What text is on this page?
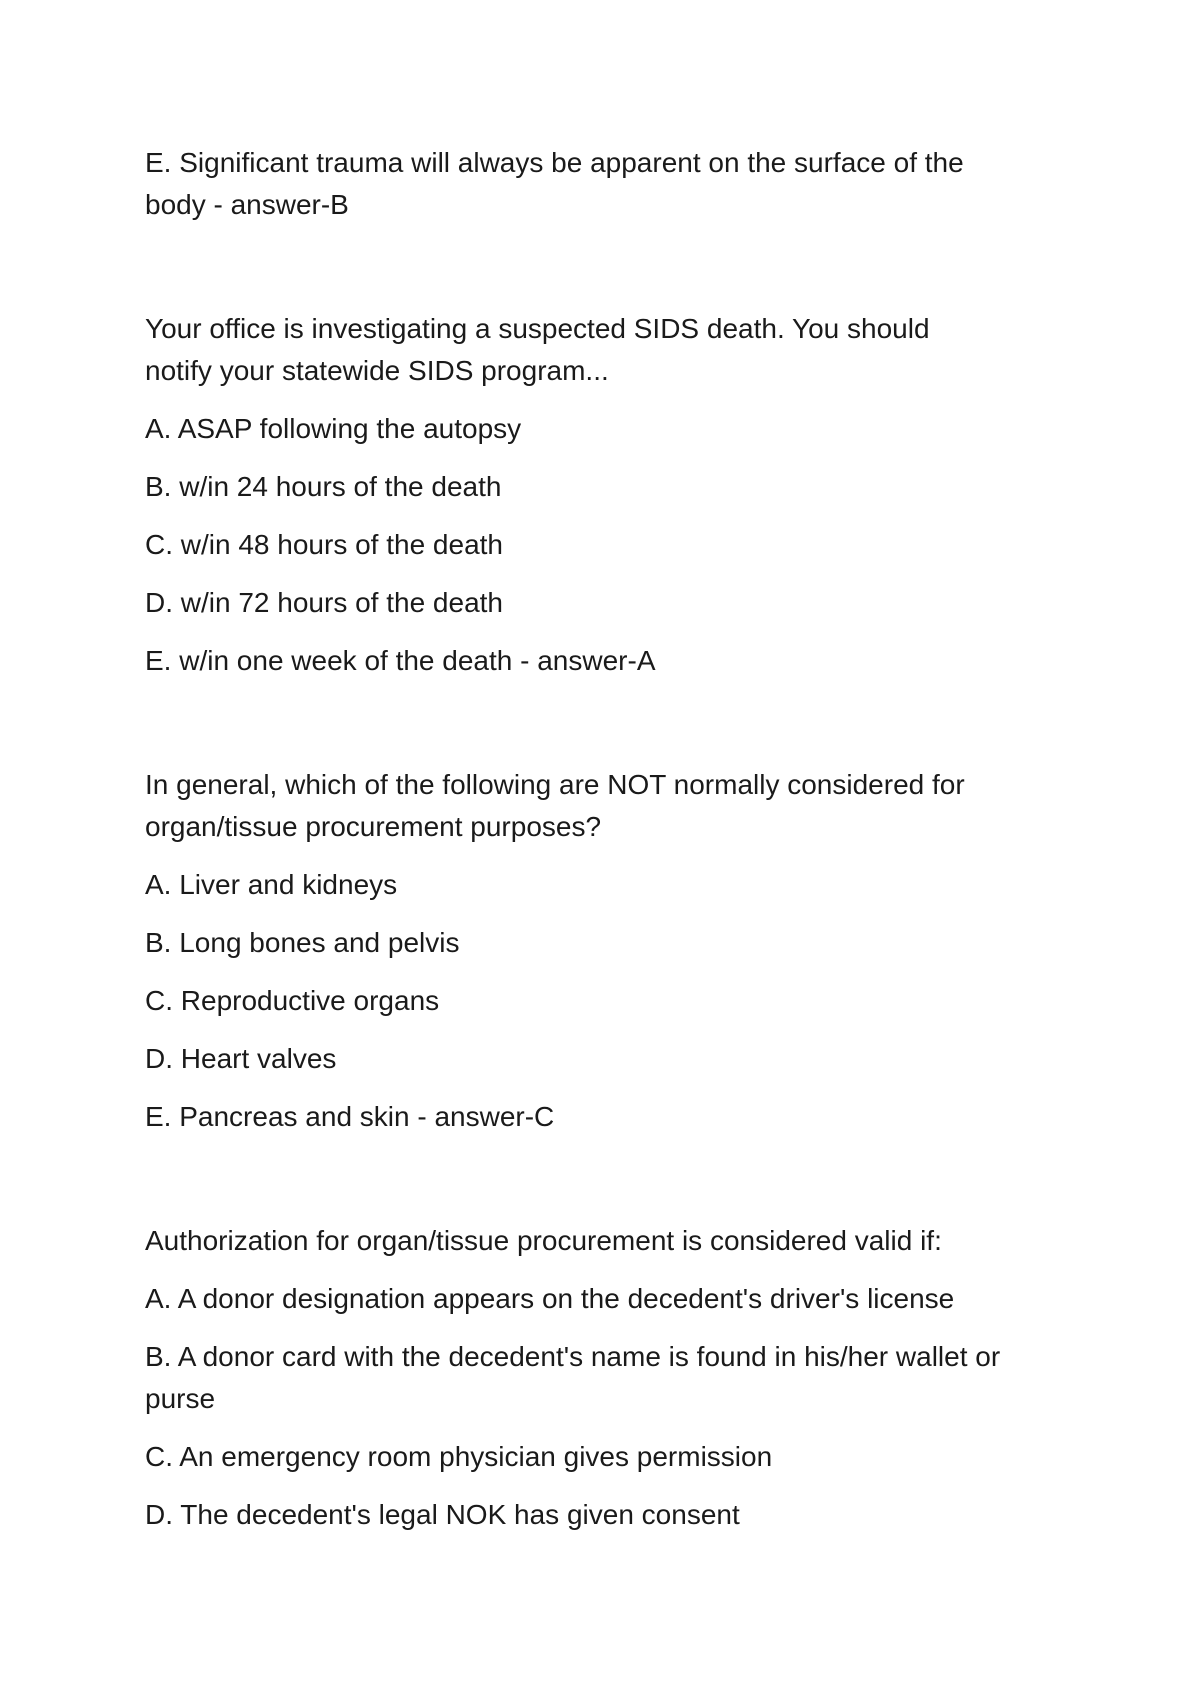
E. Significant trauma will always be apparent on the surface of the body - answer-B

Your office is investigating a suspected SIDS death. You should notify your statewide SIDS program...

A. ASAP following the autopsy

B. w/in 24 hours of the death

C. w/in 48 hours of the death

D. w/in 72 hours of the death

E. w/in one week of the death - answer-A

In general, which of the following are NOT normally considered for organ/tissue procurement purposes?

A. Liver and kidneys

B. Long bones and pelvis

C. Reproductive organs

D. Heart valves

E. Pancreas and skin - answer-C

Authorization for organ/tissue procurement is considered valid if:

A. A donor designation appears on the decedent's driver's license

B. A donor card with the decedent's name is found in his/her wallet or purse

C. An emergency room physician gives permission

D. The decedent's legal NOK has given consent
